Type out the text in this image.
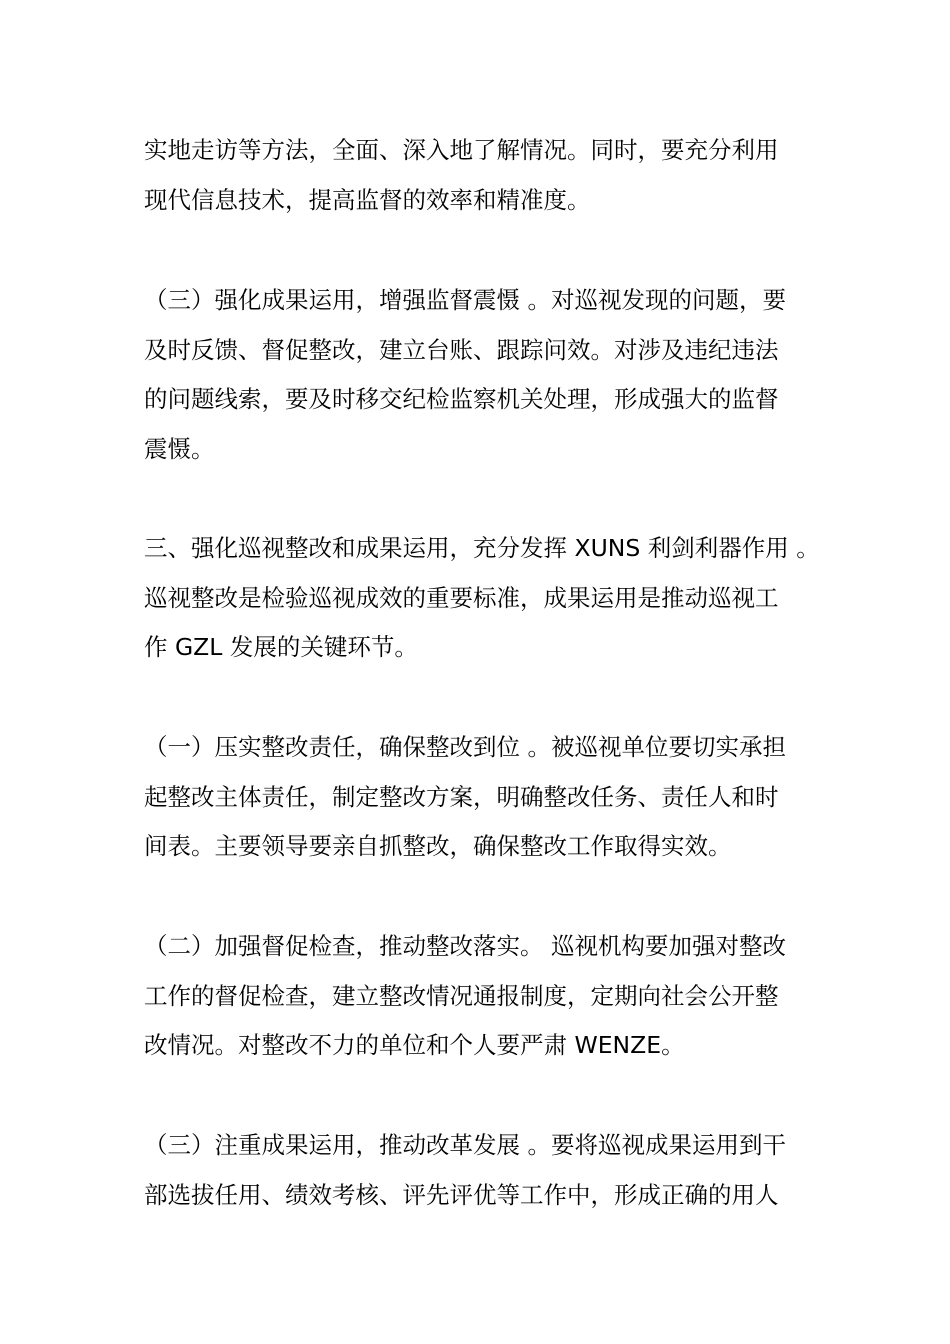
实地走访等方法，全面、深入地了解情况。同时，要充分利用
现代信息技术，提高监督的效率和精准度。
（三）强化成果运用，增强监督震慑 。对巡视发现的问题，要
及时反馈、督促整改，建立台账、跟踪问效。对涉及违纪违法
的问题线索，要及时移交纪检监察机关处理，形成强大的监督
震慑。
三、强化巡视整改和成果运用，充分发挥 XUNS 利剑利器作用 。
巡视整改是检验巡视成效的重要标准，成果运用是推动巡视工
作 GZL 发展的关键环节。
（一）压实整改责任，确保整改到位 。被巡视单位要切实承担
起整改主体责任，制定整改方案，明确整改任务、责任人和时
间表。主要领导要亲自抓整改，确保整改工作取得实效。
（二）加强督促检查，推动整改落实。 巡视机构要加强对整改
工作的督促检查，建立整改情况通报制度，定期向社会公开整
改情况。对整改不力的单位和个人要严肃 WENZE。
（三）注重成果运用，推动改革发展 。要将巡视成果运用到干
部选拔任用、绩效考核、评先评优等工作中，形成正确的用人
